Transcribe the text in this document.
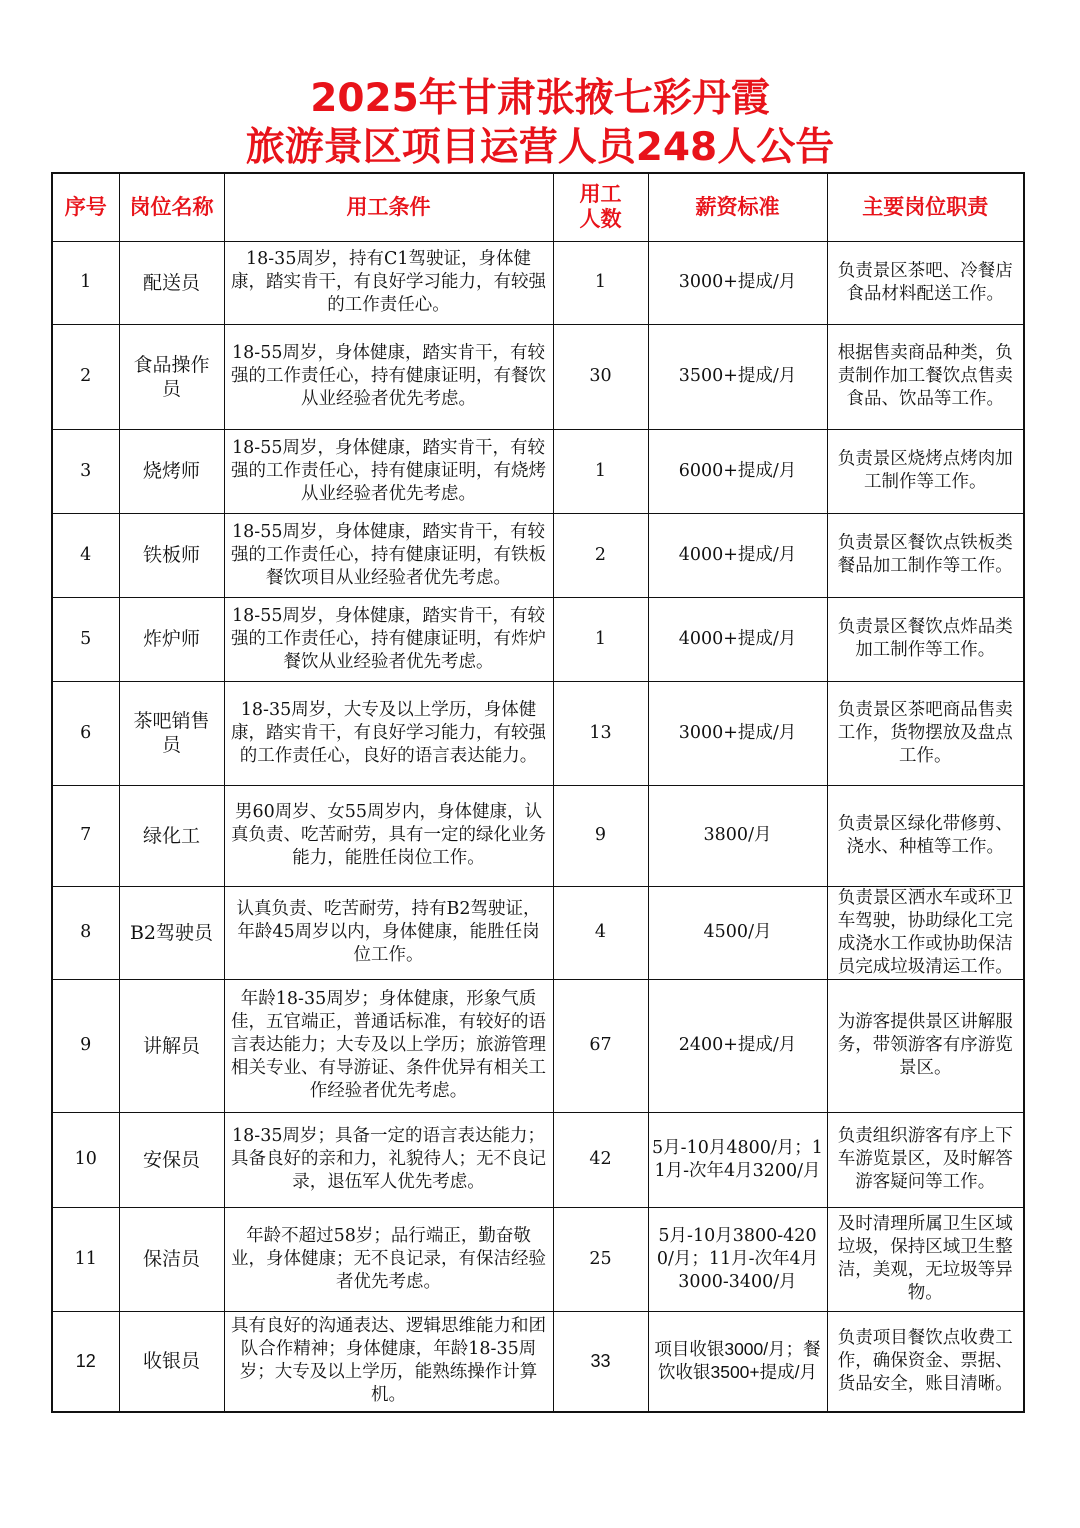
2025年甘肃张掖七彩丹霞
旅游景区项目运营人员248人公告
序号	岗位名称	用工条件	用工人数	薪资标准	主要岗位职责
1	配送员	18-35周岁，持有C1驾驶证，身体健康，踏实肯干，有良好学习能力，有较强的工作责任心。	1	3000+提成/月	负责景区茶吧、冷餐店食品材料配送工作。
2	食品操作员	18-55周岁，身体健康，踏实肯干，有较强的工作责任心，持有健康证明，有餐饮从业经验者优先考虑。	30	3500+提成/月	根据售卖商品种类，负责制作加工餐饮点售卖食品、饮品等工作。
3	烧烤师	18-55周岁，身体健康，踏实肯干，有较强的工作责任心，持有健康证明，有烧烤从业经验者优先考虑。	1	6000+提成/月	负责景区烧烤点烤肉加工制作等工作。
4	铁板师	18-55周岁，身体健康，踏实肯干，有较强的工作责任心，持有健康证明，有铁板餐饮项目从业经验者优先考虑。	2	4000+提成/月	负责景区餐饮点铁板类餐品加工制作等工作。
5	炸炉师	18-55周岁，身体健康，踏实肯干，有较强的工作责任心，持有健康证明，有炸炉餐饮从业经验者优先考虑。	1	4000+提成/月	负责景区餐饮点炸品类加工制作等工作。
6	茶吧销售员	18-35周岁，大专及以上学历，身体健康，踏实肯干，有良好学习能力，有较强的工作责任心，良好的语言表达能力。	13	3000+提成/月	负责景区茶吧商品售卖工作，货物摆放及盘点工作。
7	绿化工	男60周岁、女55周岁内，身体健康，认真负责、吃苦耐劳，具有一定的绿化业务能力，能胜任岗位工作。	9	3800/月	负责景区绿化带修剪、浇水、种植等工作。
8	B2驾驶员	认真负责、吃苦耐劳，持有B2驾驶证，年龄45周岁以内，身体健康，能胜任岗位工作。	4	4500/月	负责景区洒水车或环卫车驾驶，协助绿化工完成浇水工作或协助保洁员完成垃圾清运工作。
9	讲解员	年龄18-35周岁；身体健康，形象气质佳，五官端正，普通话标准，有较好的语言表达能力；大专及以上学历；旅游管理相关专业、有导游证、条件优异有相关工作经验者优先考虑。	67	2400+提成/月	为游客提供景区讲解服务，带领游客有序游览景区。
10	安保员	18-35周岁；具备一定的语言表达能力；具备良好的亲和力，礼貌待人；无不良记录，退伍军人优先考虑。	42	5月-10月4800/月；11月-次年4月3200/月	负责组织游客有序上下车游览景区，及时解答游客疑问等工作。
11	保洁员	年龄不超过58岁；品行端正，勤奋敬业，身体健康；无不良记录，有保洁经验者优先考虑。	25	5月-10月3800-4200/月；11月-次年4月3000-3400/月	及时清理所属卫生区域垃圾，保持区域卫生整洁，美观，无垃圾等异物。
12	收银员	具有良好的沟通表达、逻辑思维能力和团队合作精神；身体健康，年龄18-35周岁；大专及以上学历，能熟练操作计算机。	33	项目收银3000/月；餐饮收银3500+提成/月	负责项目餐饮点收费工作，确保资金、票据、货品安全，账目清晰。
